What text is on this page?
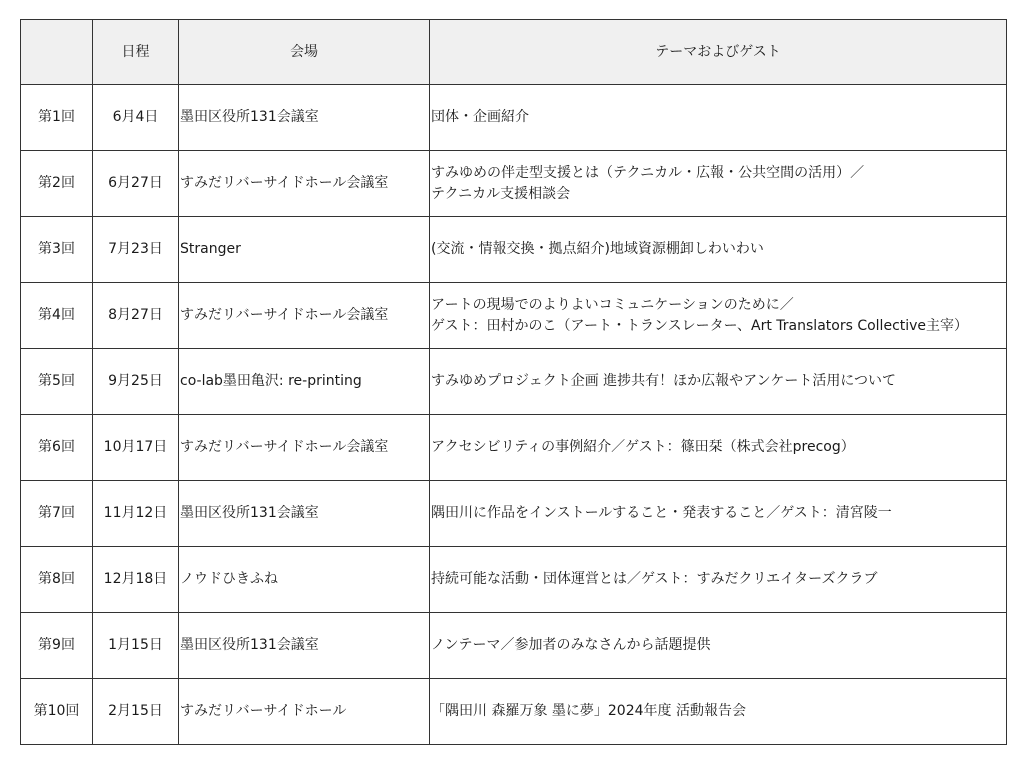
	日程	会場	テーマおよびゲスト
第1回	6月4日	墨田区役所131会議室	団体・企画紹介
第2回	6月27日	すみだリバーサイドホール会議室	すみゆめの伴走型支援とは（テクニカル・広報・公共空間の活用）／
テクニカル支援相談会
第3回	7月23日	Stranger	(交流・情報交換・拠点紹介)地域資源棚卸しわいわい
第4回	8月27日	すみだリバーサイドホール会議室	アートの現場でのよりよいコミュニケーションのために／
ゲスト：田村かのこ（アート・トランスレーター、Art Translators Collective主宰）
第5回	9月25日	co-lab墨田亀沢: re-printing	すみゆめプロジェクト企画 進捗共有！ほか広報やアンケート活用について
第6回	10月17日	すみだリバーサイドホール会議室	アクセシビリティの事例紹介／ゲスト：篠田栞（株式会社precog）
第7回	11月12日	墨田区役所131会議室	隅田川に作品をインストールすること・発表すること／ゲスト：清宮陵一
第8回	12月18日	ノウドひきふね	持続可能な活動・団体運営とは／ゲスト：すみだクリエイターズクラブ
第9回	1月15日	墨田区役所131会議室	ノンテーマ／参加者のみなさんから話題提供
第10回	2月15日	すみだリバーサイドホール	「隅田川 森羅万象 墨に夢」2024年度 活動報告会
